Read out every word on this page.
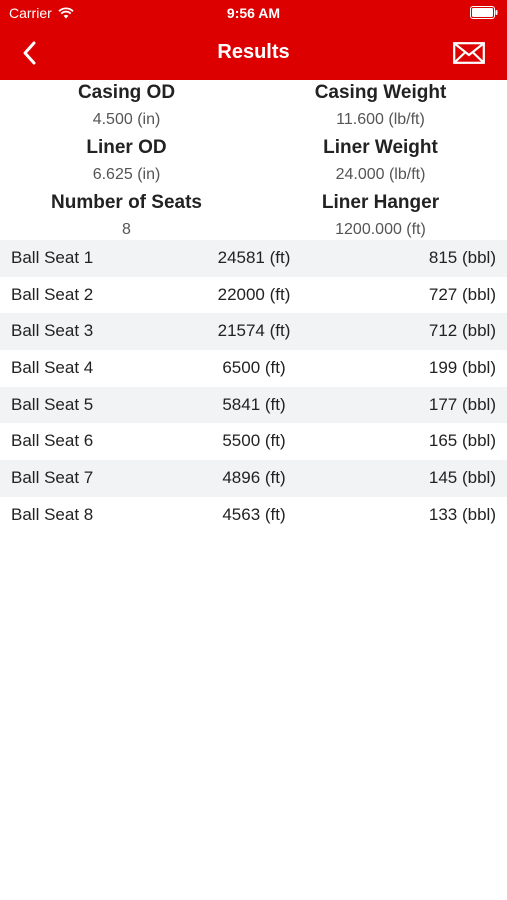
Carrier	9:56 AM
Results
Casing OD
4.500 (in)
Casing Weight
11.600 (lb/ft)
Liner OD
6.625 (in)
Liner Weight
24.000 (lb/ft)
Number of Seats
8
Liner Hanger
1200.000 (ft)
Ball Seat 1	24581 (ft)	815 (bbl)
Ball Seat 2	22000 (ft)	727 (bbl)
Ball Seat 3	21574 (ft)	712 (bbl)
Ball Seat 4	6500 (ft)	199 (bbl)
Ball Seat 5	5841 (ft)	177 (bbl)
Ball Seat 6	5500 (ft)	165 (bbl)
Ball Seat 7	4896 (ft)	145 (bbl)
Ball Seat 8	4563 (ft)	133 (bbl)
